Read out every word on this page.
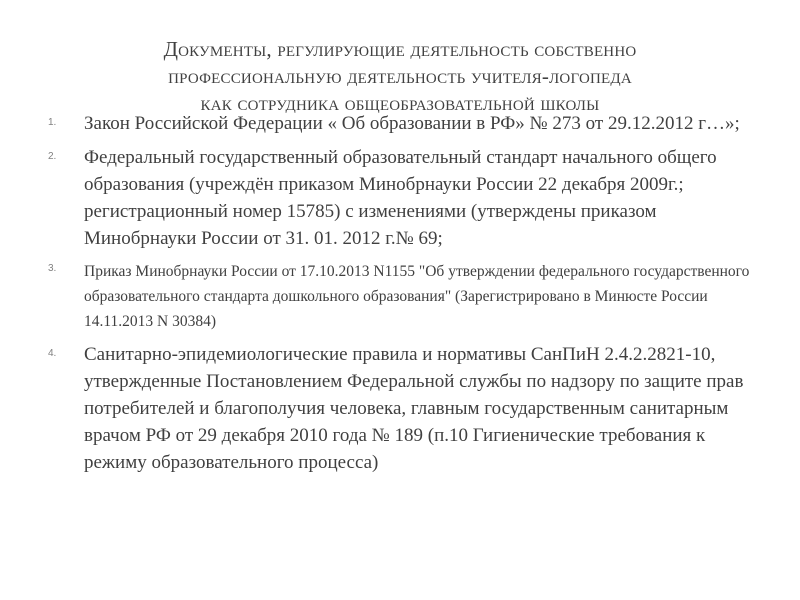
Документы, регулирующие деятельность собственно
профессиональную деятельность учителя-логопеда
как сотрудника общеобразовательной школы
1. Закон Российской Федерации « Об образовании в РФ» № 273 от 29.12.2012 г…»;
2. Федеральный государственный образовательный стандарт начального общего образования (учреждён приказом Минобрнауки России 22 декабря 2009г.; регистрационный номер 15785) с изменениями (утверждены приказом Минобрнауки России от 31. 01. 2012 г.№ 69;
3. Приказ Минобрнауки России от 17.10.2013 N1155 "Об утверждении федерального государственного образовательного стандарта дошкольного образования" (Зарегистрировано в Минюсте России 14.11.2013 N 30384)
4. Санитарно-эпидемиологические правила и нормативы СанПиН 2.4.2.2821-10, утвержденные Постановлением Федеральной службы по надзору по защите прав потребителей и благополучия человека, главным государственным санитарным врачом РФ от 29 декабря 2010 года № 189 (п.10 Гигиенические требования к режиму образовательного процесса)
